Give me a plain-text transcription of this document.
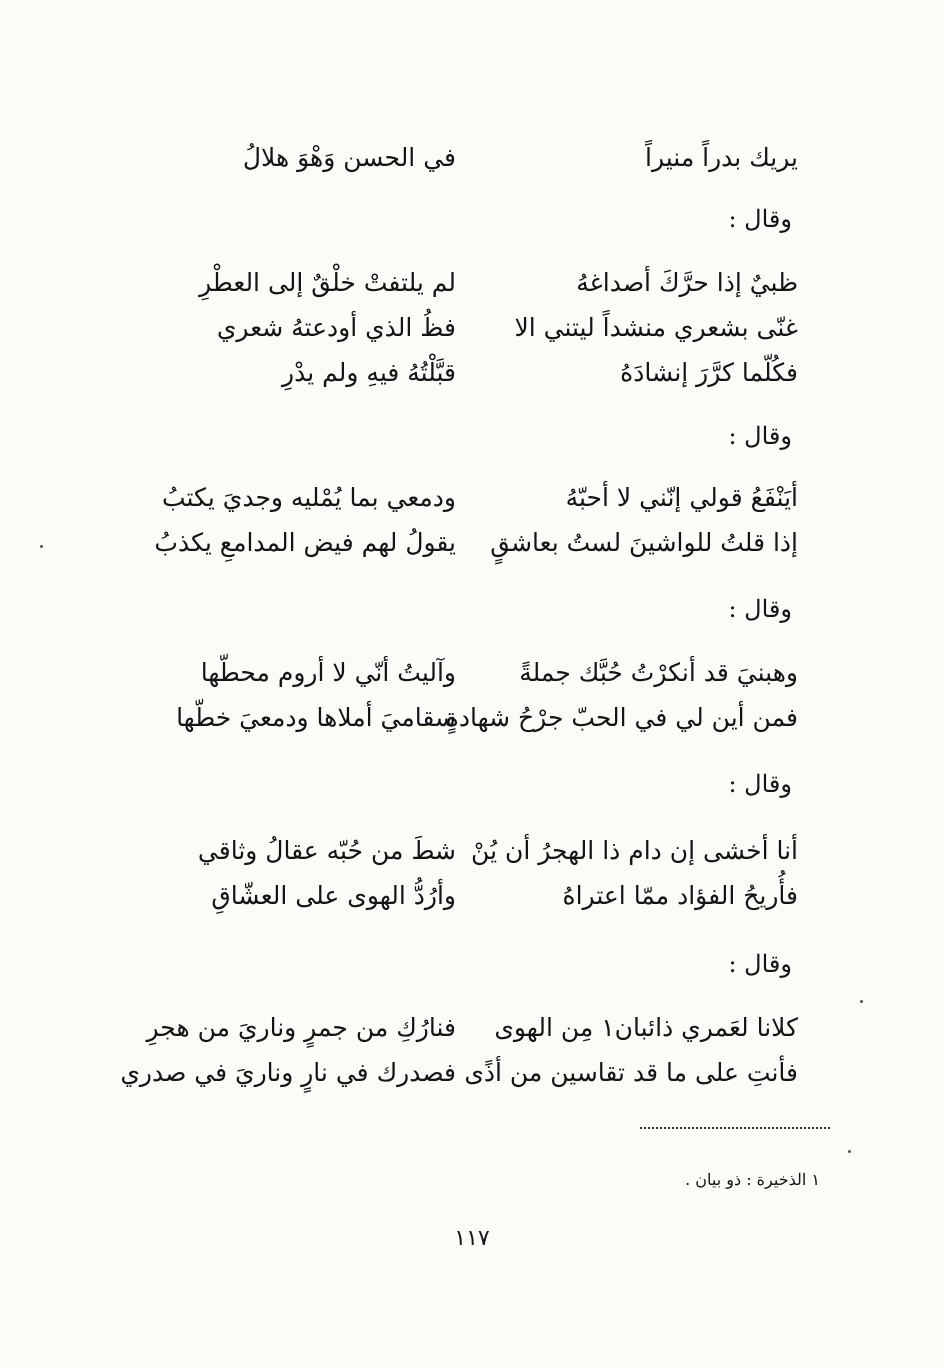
يريك بدراً منيراً
في الحسن وَهْوَ هلالُ
وقال :
ظبيٌ إذا حرَّكَ أصداغهُ
لم يلتفتْ خلْقٌ إلى العطْرِ
غنّى بشعري منشداً ليتني الا
فظُ الذي أودعتهُ شعري
فكُلّما كرَّرَ إنشادَهُ
قبَّلْتُهُ فيهِ ولم يدْرِ
وقال :
أيَنْفَعُ قولي إنّني لا أحبّهُ
ودمعي بما يُمْليه وجديَ يكتبُ
إذا قلتُ للواشينَ لستُ بعاشقٍ
يقولُ لهم فيض المدامعِ يكذبُ
وقال :
وهبنيَ قد أنكرْتُ حُبَّك جملةً
وآليتُ أنّي لا أروم محطّها
فمن أين لي في الحبّ جرْحُ شهادةٍ
سقاميَ أملاها ودمعيَ خطّها
وقال :
أنا أخشى إن دام ذا الهجرُ أن يُنْ
شطَ من حُبّه عقالُ وثاقي
فأُريحُ الفؤاد ممّا اعتراهُ
وأرُدُّ الهوى على العشّاقِ
وقال :
كلانا لعَمري ذائبان١ مِن الهوى
فنارُكِ من جمرٍ وناريَ من هجرِ
فأنتِ على ما قد تقاسين من أذًى
فصدرك في نارٍ وناريَ في صدري
١ الذخيرة : ذو بيان .
١١٧
